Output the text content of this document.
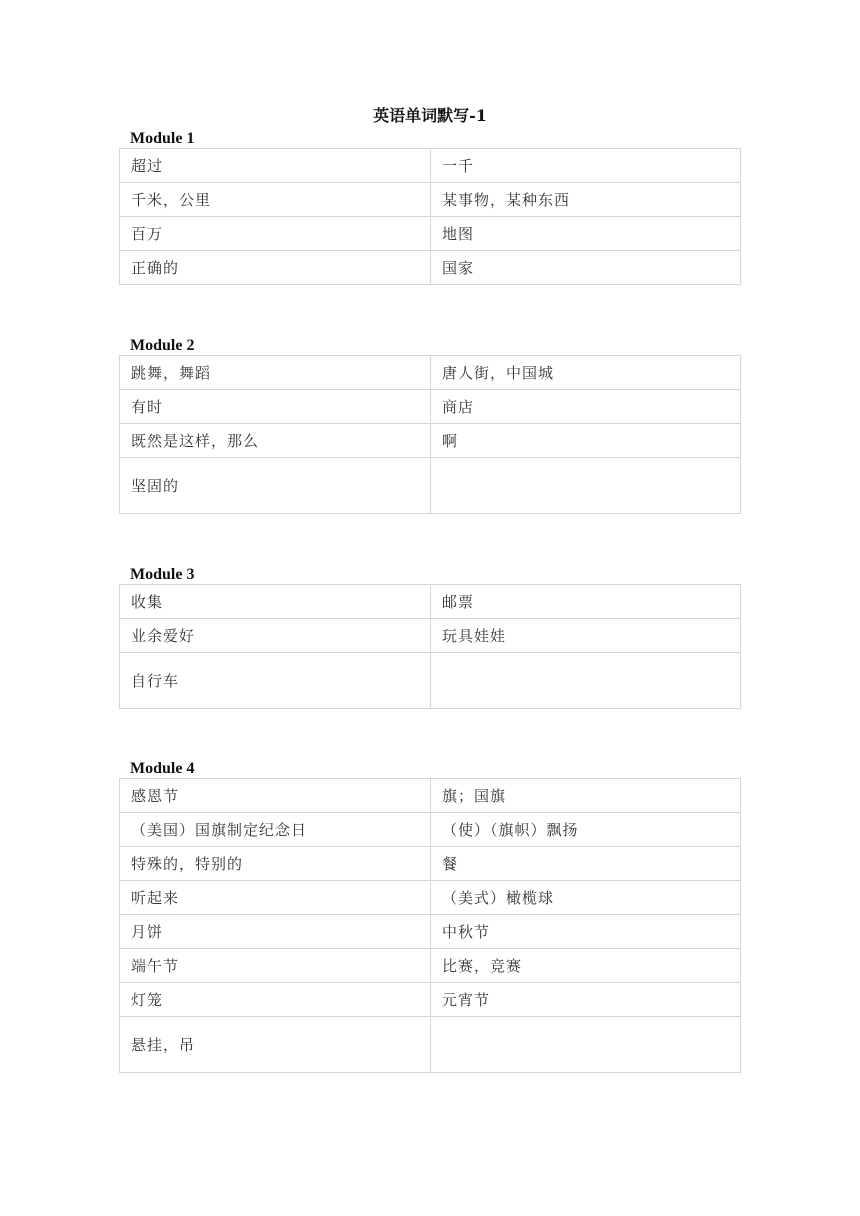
英语单词默写-1
Module 1
超过	一千
千米，公里	某事物，某种东西
百万	地图
正确的	国家
Module 2
跳舞，舞蹈	唐人街，中国城
有时	商店
既然是这样，那么	啊
坚固的	
Module 3
收集	邮票
业余爱好	玩具娃娃
自行车	
Module 4
感恩节	旗；国旗
（美国）国旗制定纪念日	（使）（旗帜）飘扬
特殊的，特别的	餐
听起来	（美式）橄榄球
月饼	中秋节
端午节	比赛，竞赛
灯笼	元宵节
悬挂，吊	
